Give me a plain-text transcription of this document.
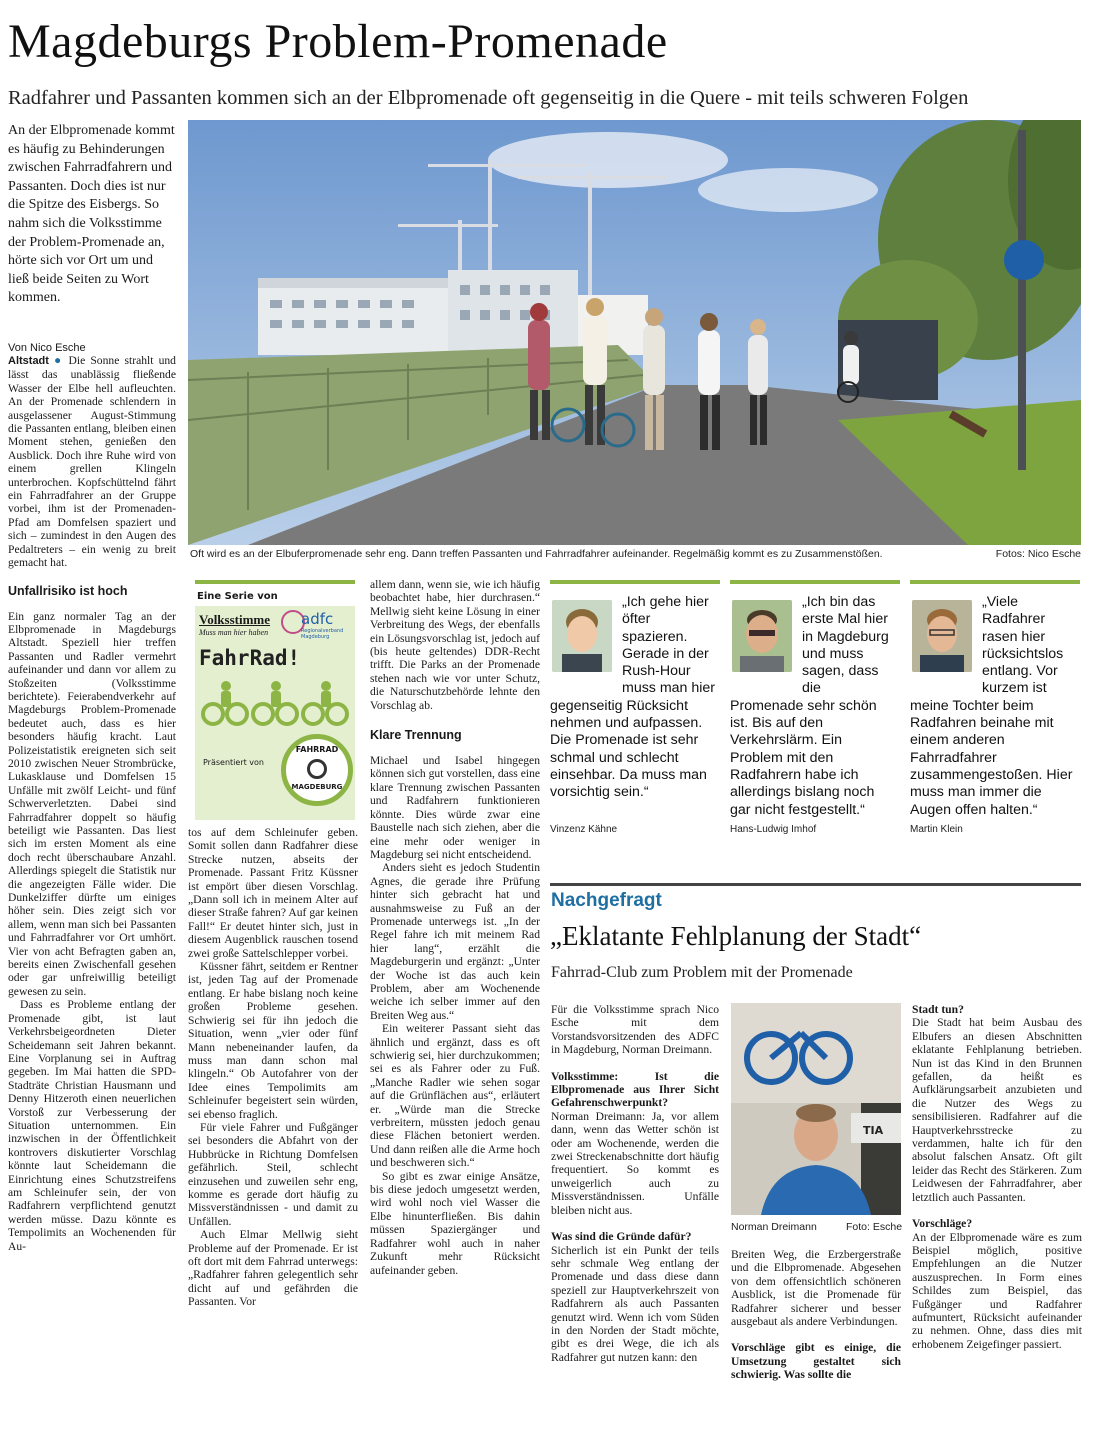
Magdeburgs Problem-Promenade
Radfahrer und Passanten kommen sich an der Elbpromenade oft gegenseitig in die Quere - mit teils schweren Folgen
An der Elbpromenade kommt es häufig zu Behinderungen zwischen Fahrradfahrern und Passanten. Doch dies ist nur die Spitze des Eisbergs. So nahm sich die Volksstimme der Problem-Promenade an, hörte sich vor Ort um und ließ beide Seiten zu Wort kommen.
Von Nico Esche

Altstadt ● Die Sonne strahlt und lässt das unablässig fließende Wasser der Elbe hell aufleuchten. An der Promenade schlendern in ausgelassener August-Stimmung die Passanten entlang, bleiben einen Moment stehen, genießen den Ausblick. Doch ihre Ruhe wird von einem grellen Klingeln unterbrochen. Kopfschüttelnd fährt ein Fahrradfahrer an der Gruppe vorbei, ihm ist der Promenaden-Pfad am Domfelsen spaziert und sich – zumindest in den Augen des Pedaltreters – ein wenig zu breit gemacht hat.

Unfallrisiko ist hoch

Ein ganz normaler Tag an der Elbpromenade in Magdeburgs Altstadt. Speziell hier treffen Passanten und Radler vermehrt aufeinander und dann vor allem zu Stoßzeiten (Volksstimme berichtete). Feierabendverkehr auf Magdeburgs Problem-Promenade bedeutet auch, dass es hier besonders häufig kracht. Laut Polizeistatistik ereigneten sich seit 2010 zwischen Neuer Strombrücke, Lukasklause und Domfelsen 15 Unfälle mit zwölf Leicht- und fünf Schwerverletzten. Dabei sind Fahrradfahrer doppelt so häufig beteiligt wie Passanten. Das liest sich im ersten Moment als eine doch recht überschaubare Anzahl. Allerdings spiegelt die Statistik nur die angezeigten Fälle wider. Die Dunkelziffer dürfte um einiges höher sein. Dies zeigt sich vor allem, wenn man sich bei Passanten und Fahrradfahrer vor Ort umhört. Vier von acht Befragten gaben an, bereits einen Zwischenfall gesehen oder gar unfreiwillig beteiligt gewesen zu sein.

Dass es Probleme entlang der Promenade gibt, ist laut Verkehrsbeigeordneten Dieter Scheidemann seit Jahren bekannt. Eine Vorplanung sei in Auftrag gegeben. Im Mai hatten die SPD-Stadträte Christian Hausmann und Denny Hitzeroth einen neuerlichen Vorstoß zur Verbesserung der Situation unternommen. Ein inzwischen in der Öffentlichkeit kontrovers diskutierter Vorschlag könnte laut Scheidemann die Einrichtung eines Schutzstreifens am Schleinufer sein, der von Radfahrern verpflichtend genutzt werden müsse. Dazu könnte es Tempolimits an Wochenenden für Au-

Oft wird es an der Elbuferpromenade sehr eng. Dann treffen Passanten und Fahrradfahrer aufeinander. Regelmäßig kommt es zu Zusammenstößen.	Fotos: Nico Esche
Eine Serie von
Volksstimme
Muss man hier haben
adfc
Regionalverband Magdeburg
FahrRad!
Präsentiert von
FAHRRAD
MAGDEBURG

tos auf dem Schleinufer geben. Somit sollen dann Radfahrer diese Strecke nutzen, abseits der Promenade. Passant Fritz Küssner ist empört über diesen Vorschlag. „Dann soll ich in meinem Alter auf dieser Straße fahren? Auf gar keinen Fall!“ Er deutet hinter sich, just in diesem Augenblick rauschen tosend zwei große Sattelschlepper vorbei.

Küssner fährt, seitdem er Rentner ist, jeden Tag auf der Promenade entlang. Er habe bislang noch keine großen Probleme gesehen. Schwierig sei für ihn jedoch die Situation, wenn „vier oder fünf Mann nebeneinander laufen, da muss man dann schon mal klingeln.“ Ob Autofahrer von der Idee eines Tempolimits am Schleinufer begeistert sein würden, sei ebenso fraglich.

Für viele Fahrer und Fußgänger sei besonders die Abfahrt von der Hubbrücke in Richtung Domfelsen gefährlich. Steil, schlecht einzusehen und zuweilen sehr eng, komme es gerade dort häufig zu Missverständnissen - und damit zu Unfällen.

Auch Elmar Mellwig sieht Probleme auf der Promenade. Er ist oft dort mit dem Fahrrad unterwegs: „Radfahrer fahren gelegentlich sehr dicht auf und gefährden die Passanten. Vor

allem dann, wenn sie, wie ich häufig beobachtet habe, hier durchrasen.“ Mellwig sieht keine Lösung in einer Verbreitung des Wegs, der ebenfalls ein Lösungsvorschlag ist, jedoch auf (bis heute geltendes) DDR-Recht trifft. Die Parks an der Promenade stehen nach wie vor unter Schutz, die Naturschutzbehörde lehnte den Vorschlag ab.

Klare Trennung

Michael und Isabel hingegen können sich gut vorstellen, dass eine klare Trennung zwischen Passanten und Radfahrern funktionieren könnte. Dies würde zwar eine Baustelle nach sich ziehen, aber die eine mehr oder weniger in Magdeburg sei nicht entscheidend.

Anders sieht es jedoch Studentin Agnes, die gerade ihre Prüfung hinter sich gebracht hat und ausnahmsweise zu Fuß an der Promenade unterwegs ist. „In der Regel fahre ich mit meinem Rad hier lang“, erzählt die Magdeburgerin und ergänzt: „Unter der Woche ist das auch kein Problem, aber am Wochenende weiche ich selber immer auf den Breiten Weg aus.“

Ein weiterer Passant sieht das ähnlich und ergänzt, dass es oft schwierig sei, hier durchzukommen; sei es als Fahrer oder zu Fuß. „Manche Radler wie sehen sogar auf die Grünflächen aus“, erläutert er. „Würde man die Strecke verbreitern, müssten jedoch genau diese Flächen betoniert werden. Und dann reißen alle die Arme hoch und beschweren sich.“

So gibt es zwar einige Ansätze, bis diese jedoch umgesetzt werden, wird wohl noch viel Wasser die Elbe hinunterfließen. Bis dahin müssen Spaziergänger und Radfahrer wohl auch in naher Zukunft mehr Rücksicht aufeinander geben.

„Ich gehe hier öfter spazieren. Gerade in der Rush-Hour muss man hier gegenseitig Rücksicht nehmen und aufpassen. Die Promenade ist sehr schmal und schlecht einsehbar. Da muss man vorsichtig sein.“
Vinzenz Kähne
„Ich bin das erste Mal hier in Magdeburg und muss sagen, dass die Promenade sehr schön ist. Bis auf den Verkehrslärm. Ein Problem mit den Radfahrern habe ich allerdings bislang noch gar nicht festgestellt.“
Hans-Ludwig Imhof
„Viele Radfahrer rasen hier rücksichtslos entlang. Vor kurzem ist meine Tochter beim Radfahren beinahe mit einem anderen Fahrradfahrer zusammengestoßen. Hier muss man immer die Augen offen halten.“
Martin Klein
Nachgefragt
„Eklatante Fehlplanung der Stadt“
Fahrrad-Club zum Problem mit der Promenade

Für die Volksstimme sprach Nico Esche mit dem Vorstandsvorsitzenden des ADFC in Magdeburg, Norman Dreimann.

Volksstimme: Ist die Elbpromenade aus Ihrer Sicht Gefahrenschwerpunkt?

Norman Dreimann: Ja, vor allem dann, wenn das Wetter schön ist oder am Wochenende, werden die zwei Streckenabschnitte dort häufig frequentiert. So kommt es unweigerlich auch zu Missverständnissen. Unfälle bleiben nicht aus.

Was sind die Gründe dafür?

Sicherlich ist ein Punkt der teils sehr schmale Weg entlang der Promenade und dass diese dann speziell zur Hauptverkehrszeit von Radfahrern als auch Passanten genutzt wird. Wenn ich vom Süden in den Norden der Stadt möchte, gibt es drei Wege, die ich als Radfahrer gut nutzen kann: den

TIA
Norman Dreimann	Foto: Esche

Breiten Weg, die Erzbergerstraße und die Elbpromenade. Abgesehen von dem offensichtlich schöneren Ausblick, ist die Promenade für Radfahrer sicherer und besser ausgebaut als andere Verbindungen.

Vorschläge gibt es einige, die Umsetzung gestaltet sich schwierig. Was sollte die

Stadt tun?

Die Stadt hat beim Ausbau des Elbufers an diesen Abschnitten eklatante Fehlplanung betrieben. Nun ist das Kind in den Brunnen gefallen, da heißt es Aufklärungsarbeit anzubieten und die Nutzer des Wegs zu sensibilisieren. Radfahrer auf die Hauptverkehrsstrecke zu verdammen, halte ich für den absolut falschen Ansatz. Oft gilt leider das Recht des Stärkeren. Zum Leidwesen der Fahrradfahrer, aber letztlich auch Passanten.

Vorschläge?

An der Elbpromenade wäre es zum Beispiel möglich, positive Empfehlungen an die Nutzer auszusprechen. In Form eines Schildes zum Beispiel, das Fußgänger und Radfahrer aufmuntert, Rücksicht aufeinander zu nehmen. Ohne, dass dies mit erhobenem Zeigefinger passiert.
